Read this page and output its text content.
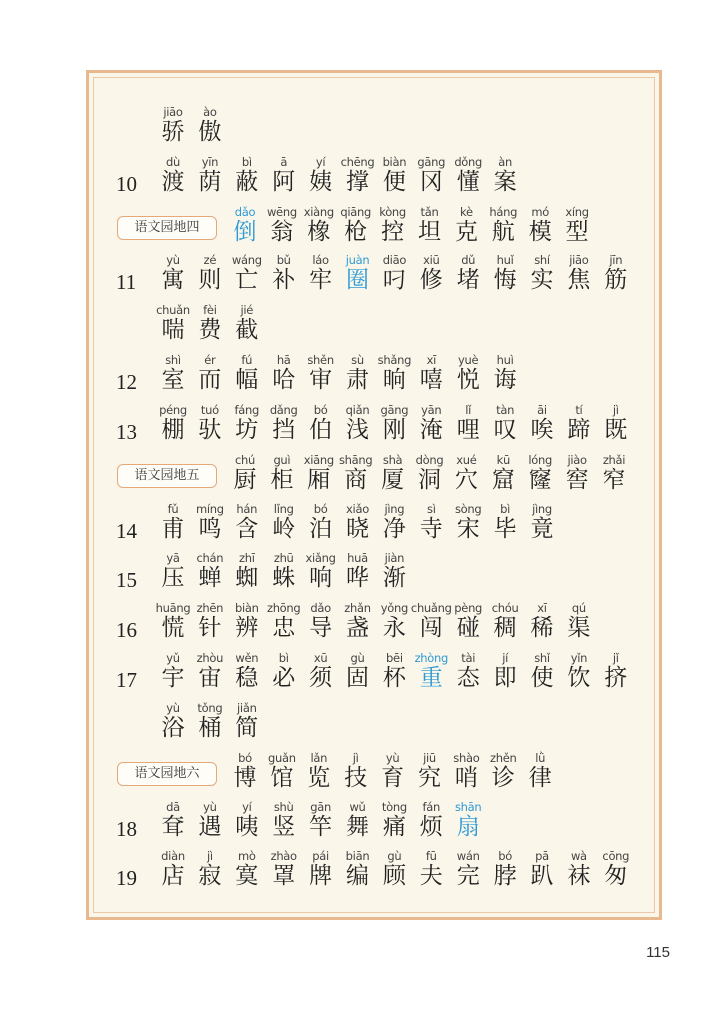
jiāo
骄
ào
傲
10
dù
渡
yīn
荫
bì
蔽
ā
阿
yí
姨
chēng
撑
biàn
便
gāng
冈
dǒng
懂
àn
案
语文园地四
dǎo
倒
wēng
翁
xiàng
橡
qiāng
枪
kòng
控
tǎn
坦
kè
克
háng
航
mó
模
xíng
型
11
yù
寓
zé
则
wáng
亡
bǔ
补
láo
牢
juàn
圈
diāo
叼
xiū
修
dǔ
堵
huǐ
悔
shí
实
jiāo
焦
jīn
筋
chuǎn
喘
fèi
费
jié
截
12
shì
室
ér
而
fú
幅
hā
哈
shěn
审
sù
肃
shǎng
晌
xī
嘻
yuè
悦
huì
诲
13
péng
棚
tuó
驮
fáng
坊
dǎng
挡
bó
伯
qiǎn
浅
gāng
刚
yān
淹
lǐ
哩
tàn
叹
āi
唉
tí
蹄
jì
既
语文园地五
chú
厨
guì
柜
xiāng
厢
shāng
商
shà
厦
dòng
洞
xué
穴
kū
窟
lóng
窿
jiào
窖
zhǎi
窄
14
fǔ
甫
míng
鸣
hán
含
lǐng
岭
bó
泊
xiǎo
晓
jìng
净
sì
寺
sòng
宋
bì
毕
jìng
竟
15
yā
压
chán
蝉
zhī
蜘
zhū
蛛
xiǎng
响
huā
哗
jiàn
渐
16
huāng
慌
zhēn
针
biàn
辨
zhōng
忠
dǎo
导
zhǎn
盏
yǒng
永
chuǎng
闯
pèng
碰
chóu
稠
xī
稀
qú
渠
17
yǔ
宇
zhòu
宙
wěn
稳
bì
必
xū
须
gù
固
bēi
杯
zhòng
重
tài
态
jí
即
shǐ
使
yǐn
饮
jǐ
挤
yù
浴
tǒng
桶
jiǎn
简
语文园地六
bó
博
guǎn
馆
lǎn
览
jì
技
yù
育
jiū
究
shào
哨
zhěn
诊
lǜ
律
18
dā
耷
yù
遇
yí
咦
shù
竖
gān
竿
wǔ
舞
tòng
痛
fán
烦
shān
扇
19
diàn
店
jì
寂
mò
寞
zhào
罩
pái
牌
biān
编
gù
顾
fū
夫
wán
完
bó
脖
pā
趴
wà
袜
cōng
匆
115
